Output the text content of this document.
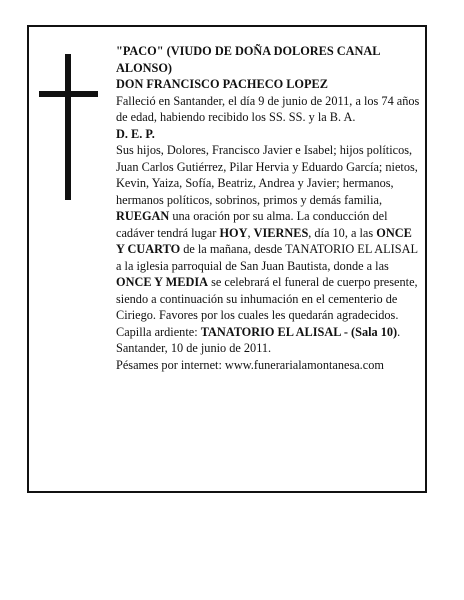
"PACO" (VIUDO DE DOÑA DOLORES CANAL ALONSO)

DON FRANCISCO PACHECO LOPEZ

Falleció en Santander, el día 9 de junio de 2011, a los 74 años

de edad, habiendo recibido los SS. SS. y la B. A.

D. E. P.

Sus hijos, Dolores, Francisco Javier e Isabel; hijos políticos, Juan Carlos Gutiérrez, Pilar Hervia y Eduardo García; nietos, Kevin, Yaiza, Sofía, Beatriz, Andrea y Javier; hermanos, hermanos políticos, sobrinos, primos y demás familia,

RUEGAN una oración por su alma. La conducción del cadáver tendrá lugar HOY, VIERNES, día 10, a las ONCE Y CUARTO de la mañana, desde TANATORIO EL ALISAL a la iglesia parroquial de San Juan Bautista, donde a las ONCE Y MEDIA se celebrará el funeral de cuerpo presente, siendo a continuación su inhumación en el cementerio de Ciriego. Favores por los cuales les quedarán agradecidos. Capilla ardiente: TANATORIO EL ALISAL - (Sala 10).

Santander, 10 de junio de 2011.

Pésames por internet: www.funerarialamontanesa.com
